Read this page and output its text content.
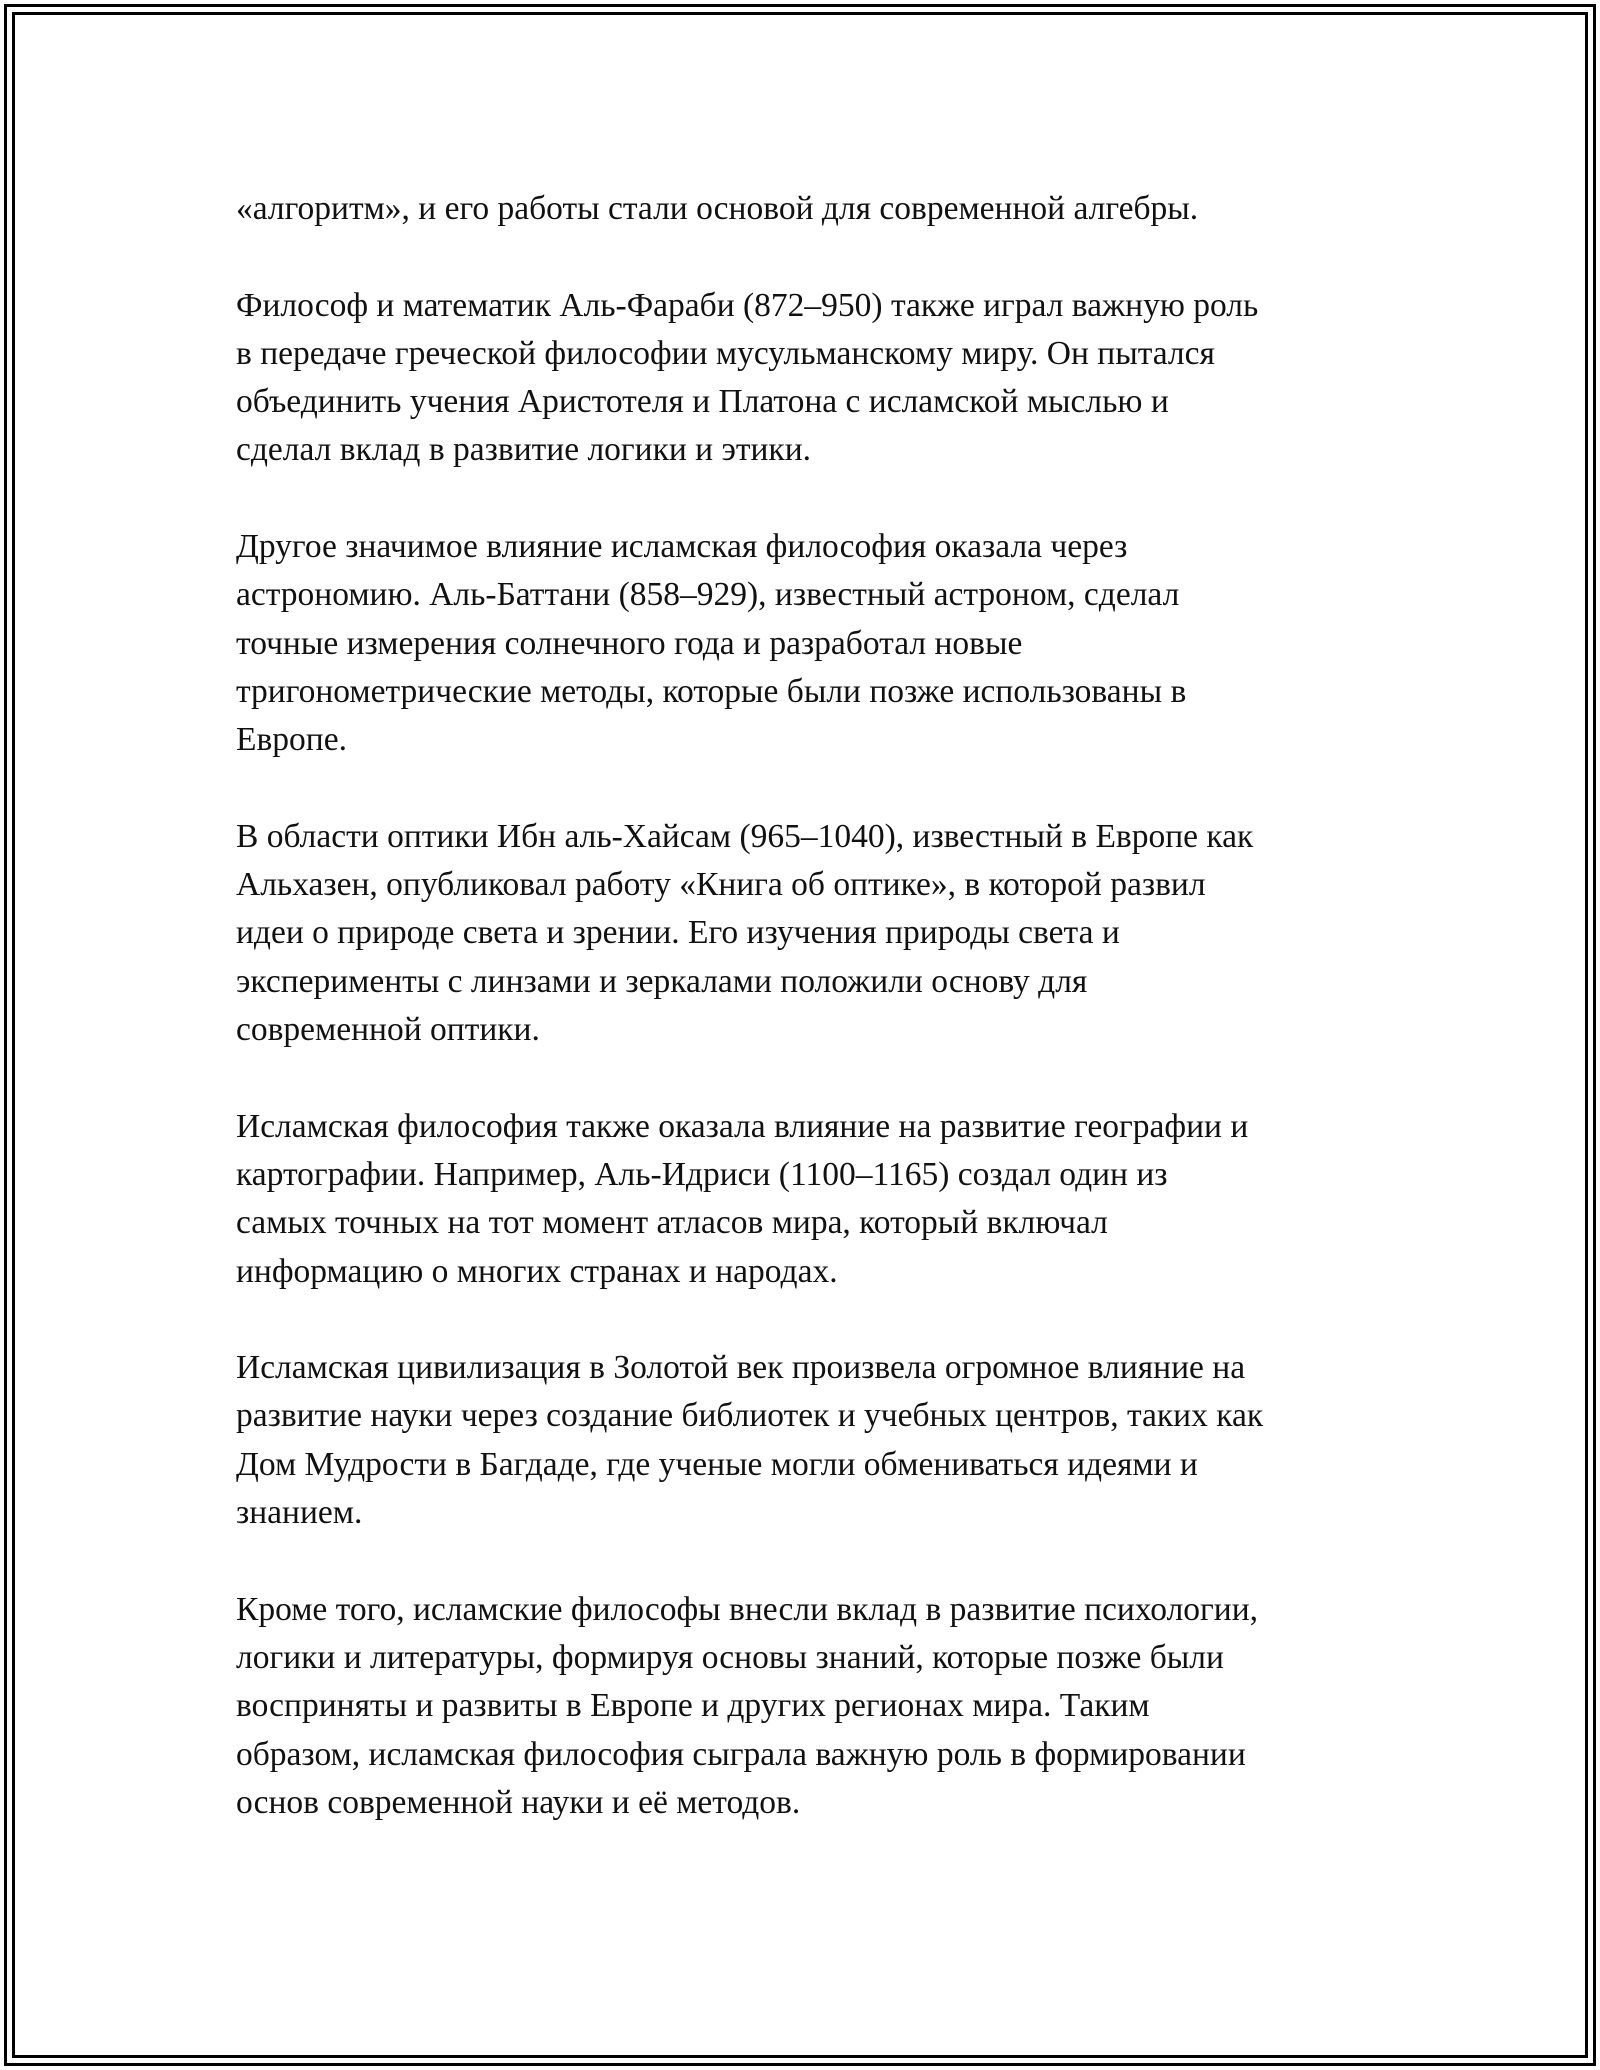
«алгоритм», и его работы стали основой для современной алгебры.

Философ и математик Аль-Фараби (872–950) также играл важную роль
в передаче греческой философии мусульманскому миру. Он пытался
объединить учения Аристотеля и Платона с исламской мыслью и
сделал вклад в развитие логики и этики.

Другое значимое влияние исламская философия оказала через
астрономию. Аль-Баттани (858–929), известный астроном, сделал
точные измерения солнечного года и разработал новые
тригонометрические методы, которые были позже использованы в
Европе.

В области оптики Ибн аль-Хайсам (965–1040), известный в Европе как
Альхазен, опубликовал работу «Книга об оптике», в которой развил
идеи о природе света и зрении. Его изучения природы света и
эксперименты с линзами и зеркалами положили основу для
современной оптики.

Исламская философия также оказала влияние на развитие географии и
картографии. Например, Аль-Идриси (1100–1165) создал один из
самых точных на тот момент атласов мира, который включал
информацию о многих странах и народах.

Исламская цивилизация в Золотой век произвела огромное влияние на
развитие науки через создание библиотек и учебных центров, таких как
Дом Мудрости в Багдаде, где ученые могли обмениваться идеями и
знанием.

Кроме того, исламские философы внесли вклад в развитие психологии,
логики и литературы, формируя основы знаний, которые позже были
восприняты и развиты в Европе и других регионах мира. Таким
образом, исламская философия сыграла важную роль в формировании
основ современной науки и её методов.
